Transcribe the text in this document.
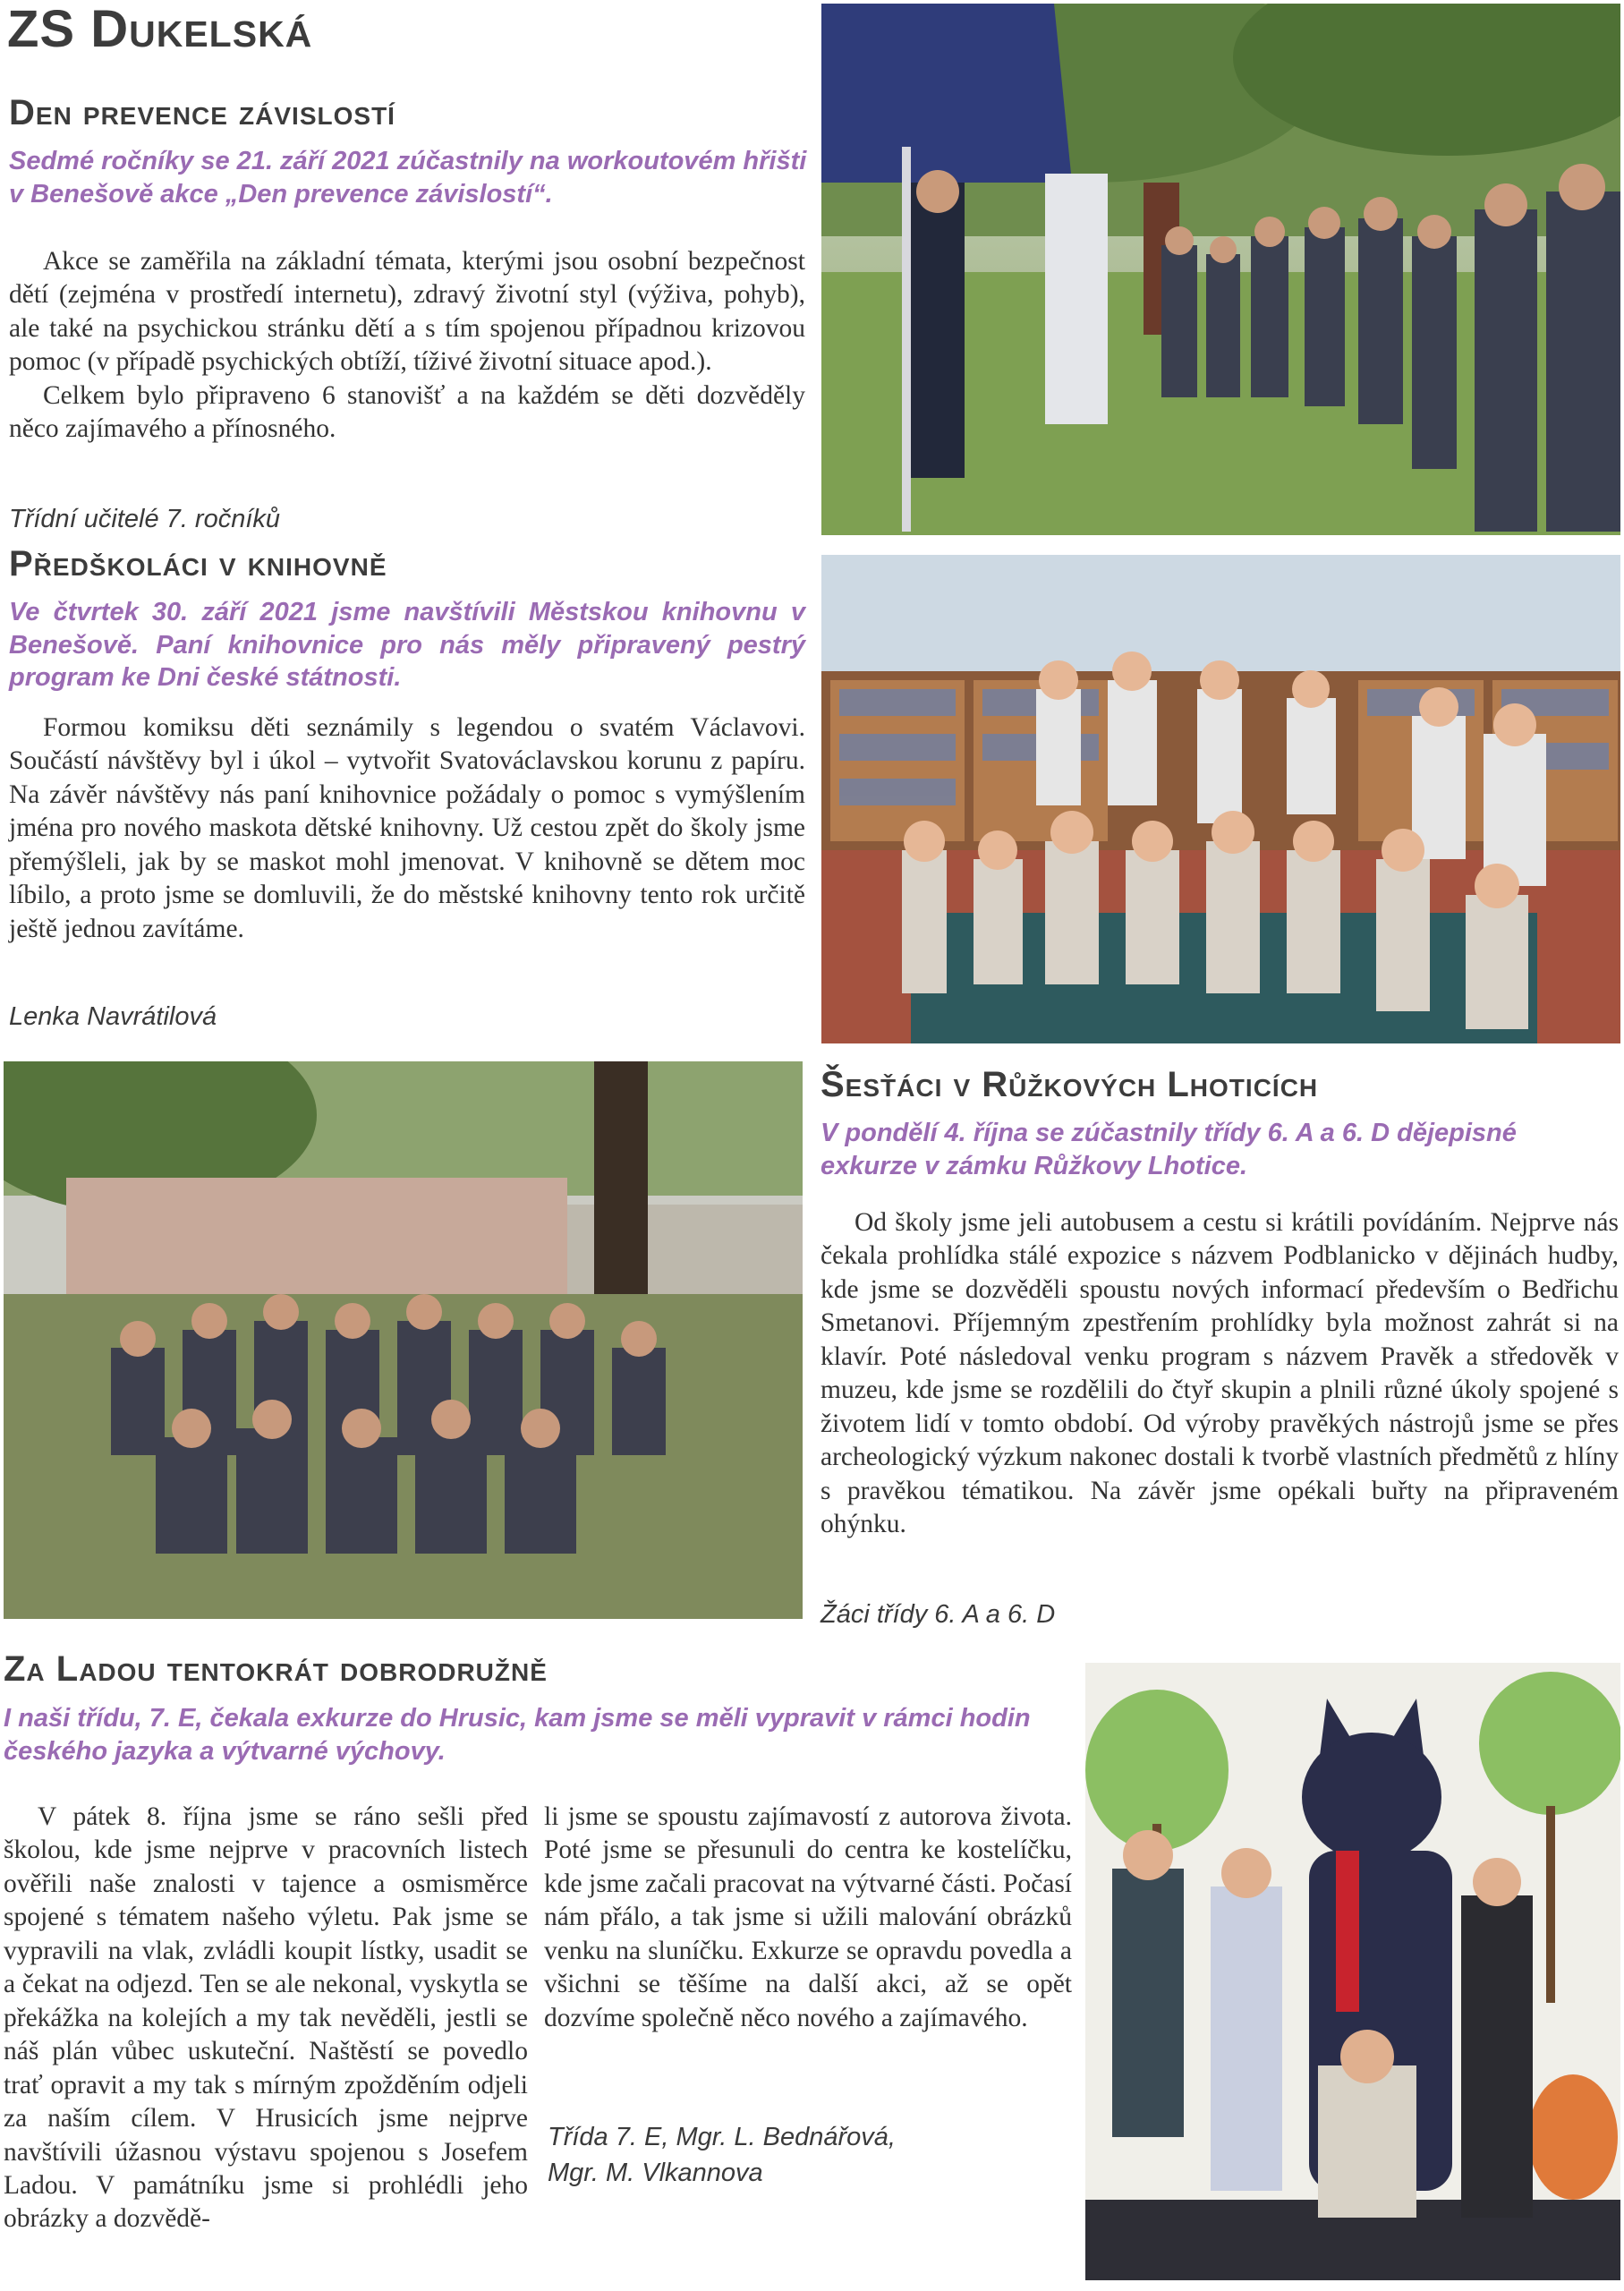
ZS Dukelská
Den prevence závislostí

Sedmé ročníky se 21. září 2021 zúčastnily na workoutovém hřišti v Benešově akce „Den prevence závislostí“.

Akce se zaměřila na základní témata, kterými jsou osobní bezpečnost dětí (zejména v prostředí internetu), zdravý životní styl (výživa, pohyb), ale také na psychickou stránku dětí a s tím spojenou případnou krizovou pomoc (v případě psychických obtíží, tíživé životní situace apod.).

Celkem bylo připraveno 6 stanovišť a na každém se děti dozvěděly něco zajímavého a přínosného.

Třídní učitelé 7. ročníků

Předškoláci v knihovně

Ve čtvrtek 30. září 2021 jsme navštívili Městskou knihovnu v Benešově. Paní knihovnice pro nás měly připravený pestrý program ke Dni české státnosti.

Formou komiksu děti seznámily s legendou o svatém Václavovi. Součástí návštěvy byl i úkol – vytvořit Svatováclavskou korunu z papíru. Na závěr návštěvy nás paní knihovnice požádaly o pomoc s vymýšlením jména pro nového maskota dětské knihovny. Už cestou zpět do školy jsme přemýšleli, jak by se maskot mohl jmenovat. V knihovně se dětem moc líbilo, a proto jsme se domluvili, že do městské knihovny tento rok určitě ještě jednou zavítáme.

Lenka Navrátilová

Šesťáci v Růžkových Lhoticích

V pondělí 4. října se zúčastnily třídy 6. A a 6. D dějepisné exkurze v zámku Růžkovy Lhotice.

Od školy jsme jeli autobusem a cestu si krátili povídáním. Nejprve nás čekala prohlídka stálé expozice s názvem Podblanicko v dějinách hudby, kde jsme se dozvěděli spoustu nových informací především o Bedřichu Smetanovi. Příjemným zpestřením prohlídky byla možnost zahrát si na klavír. Poté následoval venku program s názvem Pravěk a středověk v muzeu, kde jsme se rozdělili do čtyř skupin a plnili různé úkoly spojené s životem lidí v tomto období. Od výroby pravěkých nástrojů jsme se přes archeologický výzkum nakonec dostali k tvorbě vlastních předmětů z hlíny s pravěkou tématikou. Na závěr jsme opékali buřty na připraveném ohýnku.

Žáci třídy 6. A a 6. D

Za Ladou tentokrát dobrodružně

I naši třídu, 7. E, čekala exkurze do Hrusic, kam jsme se měli vypravit v rámci hodin českého jazyka a výtvarné výchovy.

V pátek 8. října jsme se ráno sešli před školou, kde jsme nejprve v pracovních listech ověřili naše znalosti v tajence a osmisměrce spojené s tématem našeho výletu. Pak jsme se vypravili na vlak, zvládli koupit lístky, usadit se a čekat na odjezd. Ten se ale nekonal, vyskytla se překážka na kolejích a my tak nevěděli, jestli se náš plán vůbec uskuteční. Naštěstí se povedlo trať opravit a my tak s mírným zpožděním odjeli za naším cílem. V Hrusicích jsme nejprve navštívili úžasnou výstavu spojenou s Josefem Ladou. V památníku jsme si prohlédli jeho obrázky a dozvědě-

li jsme se spoustu zajímavostí z autorova života. Poté jsme se přesunuli do centra ke kostelíčku, kde jsme začali pracovat na výtvarné části. Počasí nám přálo, a tak jsme si užili malování obrázků venku na sluníčku. Exkurze se opravdu povedla a všichni se těšíme na další akci, až se opět dozvíme společně něco nového a zajímavého.

Třída 7. E, Mgr. L. Bednářová,

Mgr. M. Vlkannova
